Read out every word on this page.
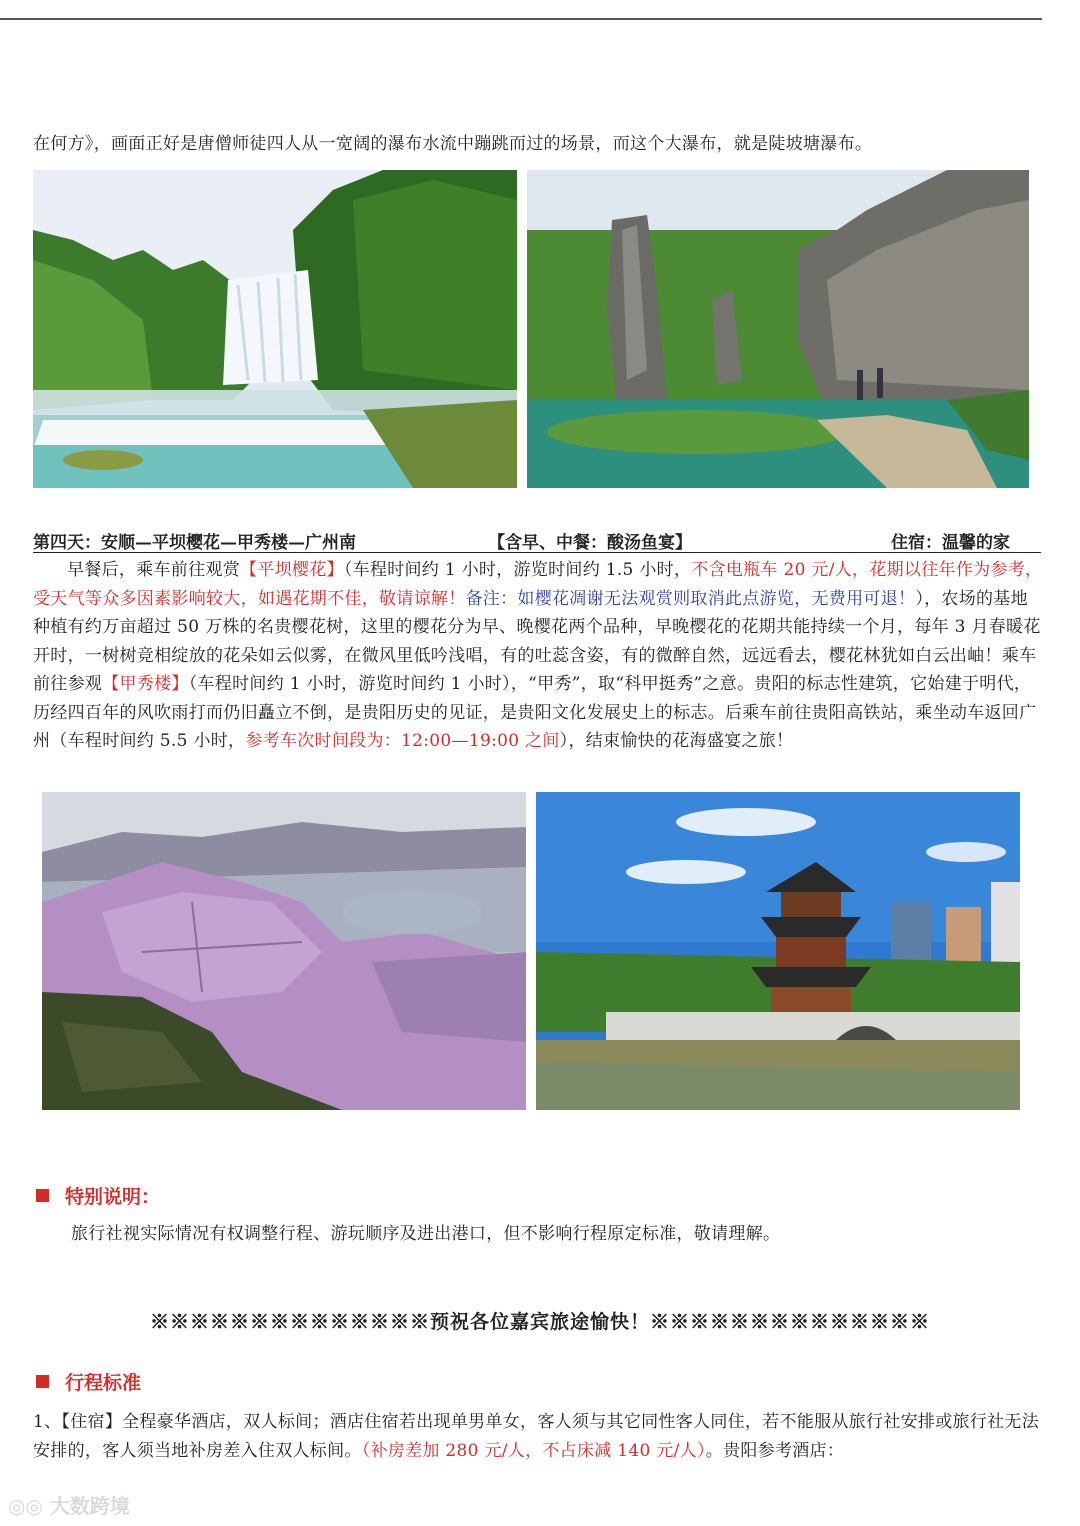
在何方》，画面正好是唐僧师徒四人从一宽阔的瀑布水流中蹦跳而过的场景，而这个大瀑布，就是陡坡塘瀑布。
第四天：安顺—平坝樱花—甲秀楼—广州南	【含早、中餐：酸汤鱼宴】	住宿：温馨的家
早餐后，乘车前往观赏【平坝樱花】（车程时间约 1 小时，游览时间约 1.5 小时，不含电瓶车 20 元/人，花期以往年作为参考，受天气等众多因素影响较大，如遇花期不佳，敬请谅解！备注：如樱花凋谢无法观赏则取消此点游览，无费用可退！），农场的基地种植有约万亩超过 50 万株的名贵樱花树，这里的樱花分为早、晚樱花两个品种，早晚樱花的花期共能持续一个月，每年 3 月春暖花开时，一树树竞相绽放的花朵如云似雾，在微风里低吟浅唱，有的吐蕊含姿，有的微醉自然，远远看去，樱花林犹如白云出岫！乘车前往参观【甲秀楼】（车程时间约 1 小时，游览时间约 1 小时），“甲秀”，取“科甲挺秀”之意。贵阳的标志性建筑，它始建于明代，历经四百年的风吹雨打而仍旧矗立不倒，是贵阳历史的见证，是贵阳文化发展史上的标志。后乘车前往贵阳高铁站，乘坐动车返回广州（车程时间约 5.5 小时，参考车次时间段为：12:00—19:00 之间），结束愉快的花海盛宴之旅！
特别说明：
旅行社视实际情况有权调整行程、游玩顺序及进出港口，但不影响行程原定标准，敬请理解。
※※※※※※※※※※※※※※预祝各位嘉宾旅途愉快！※※※※※※※※※※※※※※
行程标准
1、【住宿】全程豪华酒店，双人标间；酒店住宿若出现单男单女，客人须与其它同性客人同住，若不能服从旅行社安排或旅行社无法安排的，客人须当地补房差入住双人标间。（补房差加 280 元/人，不占床减 140 元/人）。贵阳参考酒店：
◎◎ 大数跨境
